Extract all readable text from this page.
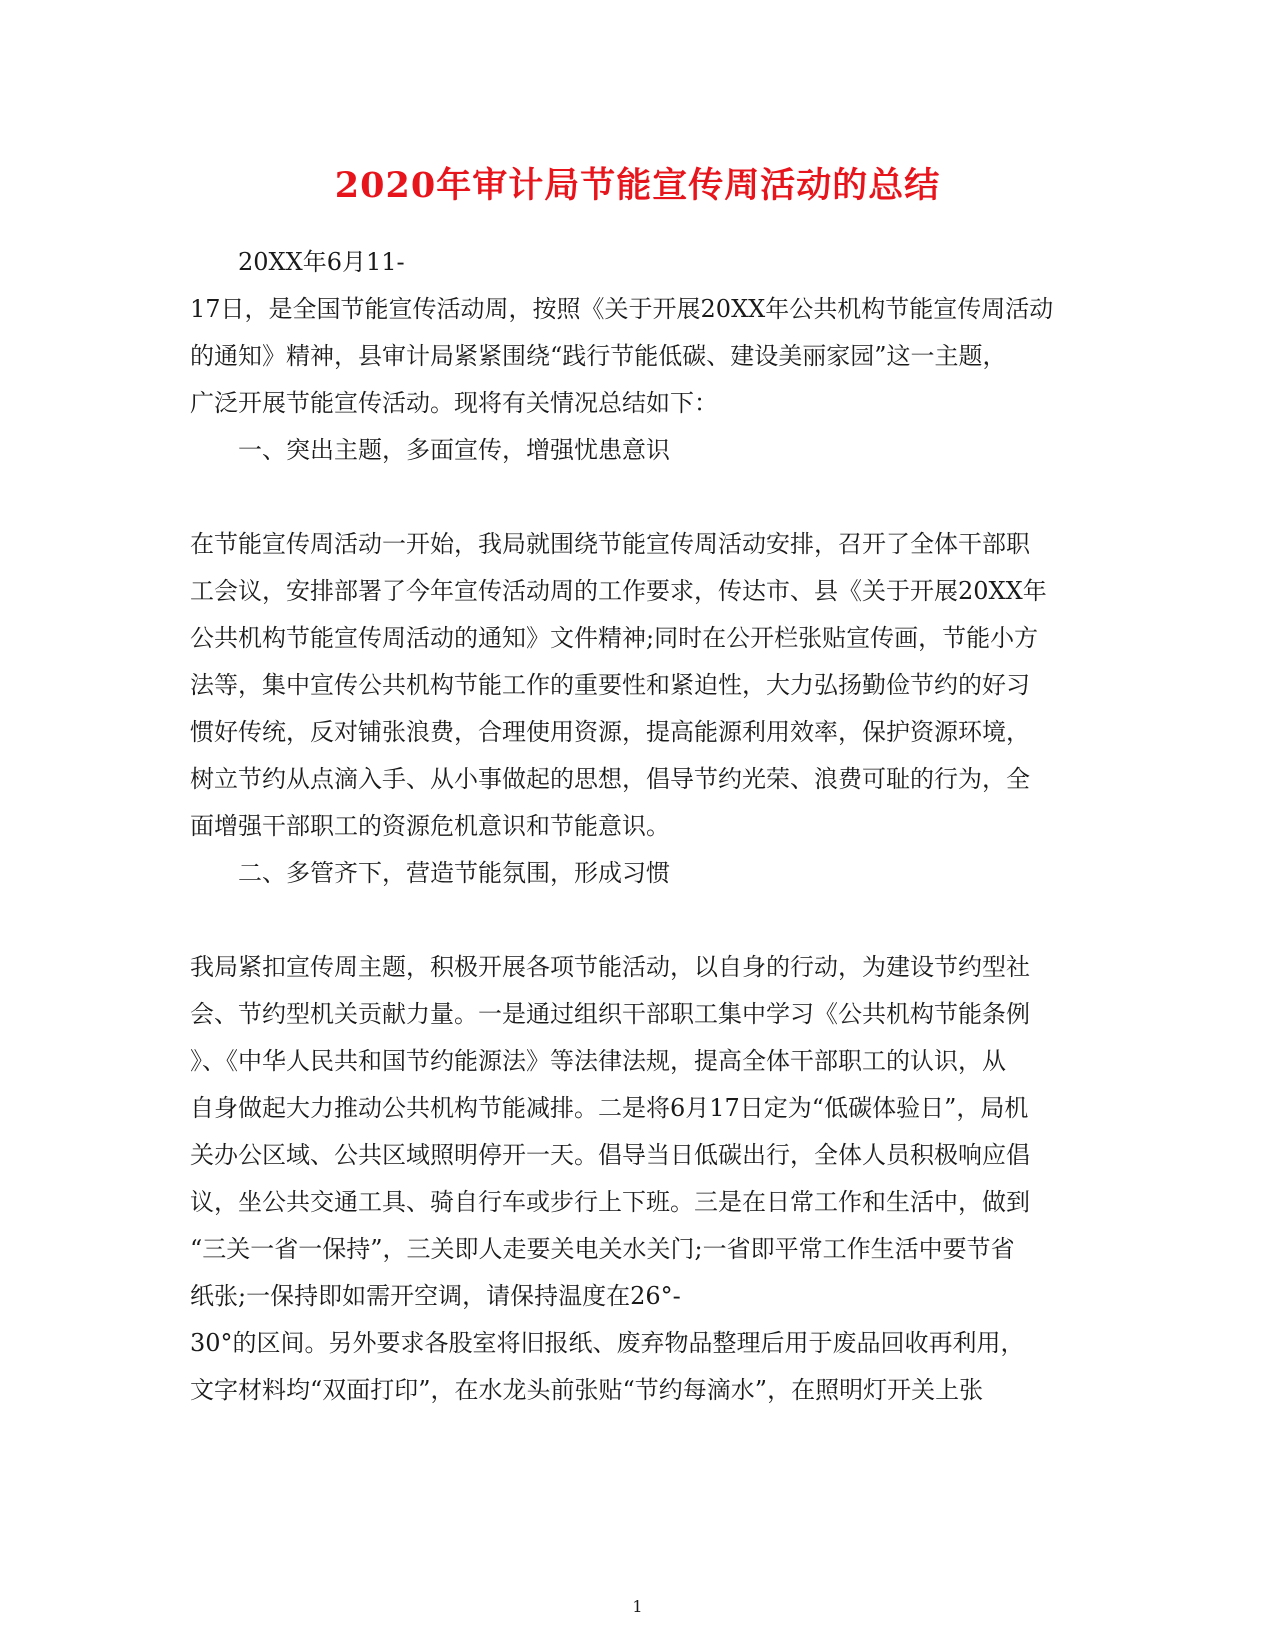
2020年审计局节能宣传周活动的总结

20XX年6月11-

17日，是全国节能宣传活动周，按照《关于开展20XX年公共机构节能宣传周活动

的通知》精神，县审计局紧紧围绕“践行节能低碳、建设美丽家园”这一主题，

广泛开展节能宣传活动。现将有关情况总结如下：

一、突出主题，多面宣传，增强忧患意识

在节能宣传周活动一开始，我局就围绕节能宣传周活动安排，召开了全体干部职

工会议，安排部署了今年宣传活动周的工作要求，传达市、县《关于开展20XX年

公共机构节能宣传周活动的通知》文件精神;同时在公开栏张贴宣传画，节能小方

法等，集中宣传公共机构节能工作的重要性和紧迫性，大力弘扬勤俭节约的好习

惯好传统，反对铺张浪费，合理使用资源，提高能源利用效率，保护资源环境，

树立节约从点滴入手、从小事做起的思想，倡导节约光荣、浪费可耻的行为，全

面增强干部职工的资源危机意识和节能意识。

二、多管齐下，营造节能氛围，形成习惯

我局紧扣宣传周主题，积极开展各项节能活动，以自身的行动，为建设节约型社

会、节约型机关贡献力量。一是通过组织干部职工集中学习《公共机构节能条例

》、《中华人民共和国节约能源法》等法律法规，提高全体干部职工的认识，从

自身做起大力推动公共机构节能减排。二是将6月17日定为“低碳体验日”，局机

关办公区域、公共区域照明停开一天。倡导当日低碳出行，全体人员积极响应倡

议，坐公共交通工具、骑自行车或步行上下班。三是在日常工作和生活中，做到

“三关一省一保持”，三关即人走要关电关水关门;一省即平常工作生活中要节省

纸张;一保持即如需开空调，请保持温度在26°-

30°的区间。另外要求各股室将旧报纸、废弃物品整理后用于废品回收再利用，

文字材料均“双面打印”，在水龙头前张贴“节约每滴水”，在照明灯开关上张

1
